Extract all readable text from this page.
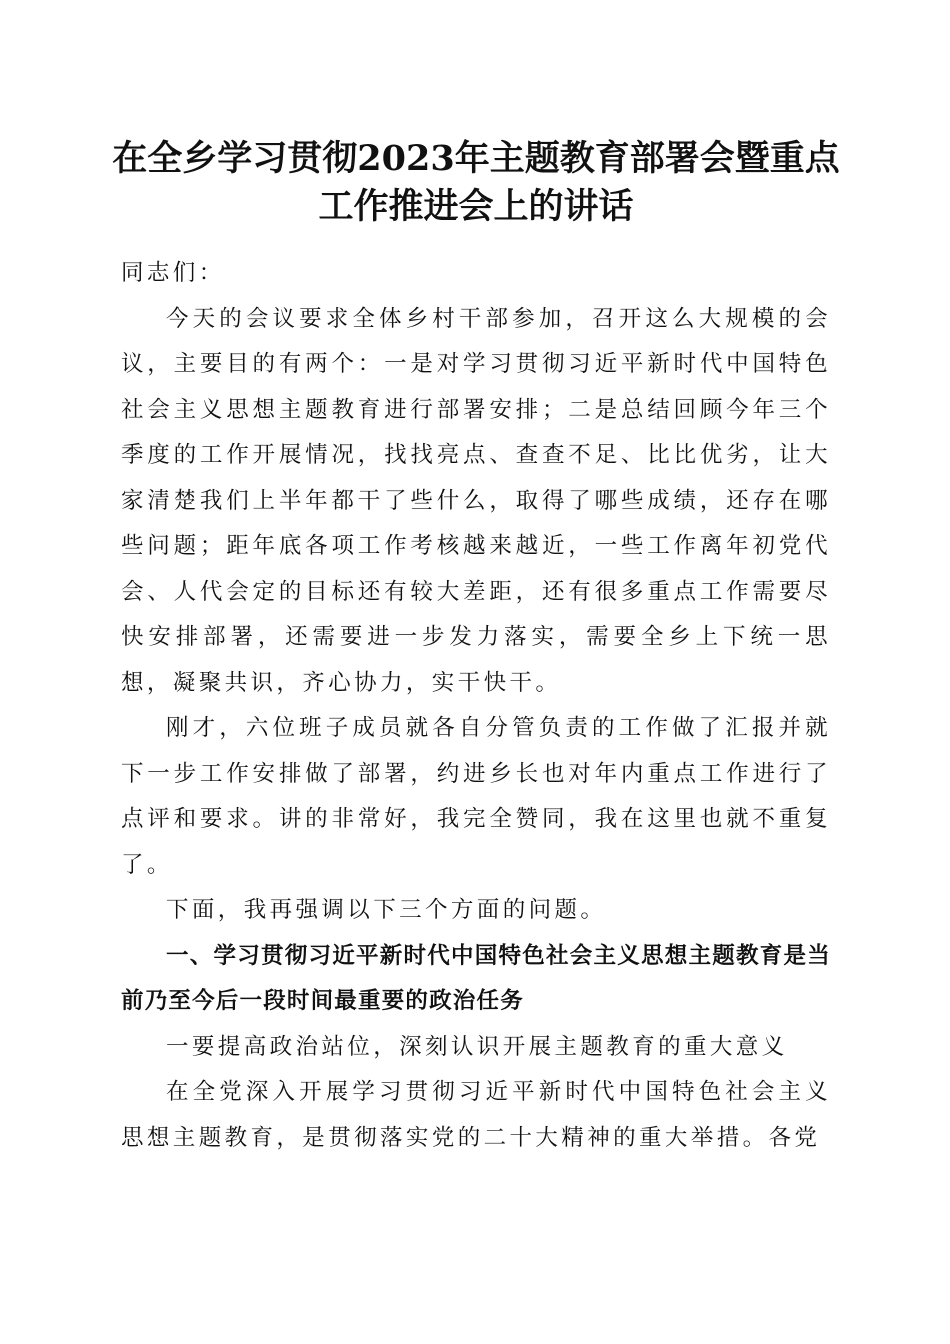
在全乡学习贯彻2023年主题教育部署会暨重点工作推进会上的讲话

同志们：

今天的会议要求全体乡村干部参加，召开这么大规模的会议，主要目的有两个：一是对学习贯彻习近平新时代中国特色社会主义思想主题教育进行部署安排；二是总结回顾今年三个季度的工作开展情况，找找亮点、查查不足、比比优劣，让大家清楚我们上半年都干了些什么，取得了哪些成绩，还存在哪些问题；距年底各项工作考核越来越近，一些工作离年初党代会、人代会定的目标还有较大差距，还有很多重点工作需要尽快安排部署，还需要进一步发力落实，需要全乡上下统一思想，凝聚共识，齐心协力，实干快干。

刚才，六位班子成员就各自分管负责的工作做了汇报并就下一步工作安排做了部署，约进乡长也对年内重点工作进行了点评和要求。讲的非常好，我完全赞同，我在这里也就不重复了。

下面，我再强调以下三个方面的问题。

一、学习贯彻习近平新时代中国特色社会主义思想主题教育是当前乃至今后一段时间最重要的政治任务

一要提高政治站位，深刻认识开展主题教育的重大意义

在全党深入开展学习贯彻习近平新时代中国特色社会主义思想主题教育，是贯彻落实党的二十大精神的重大举措。各党
